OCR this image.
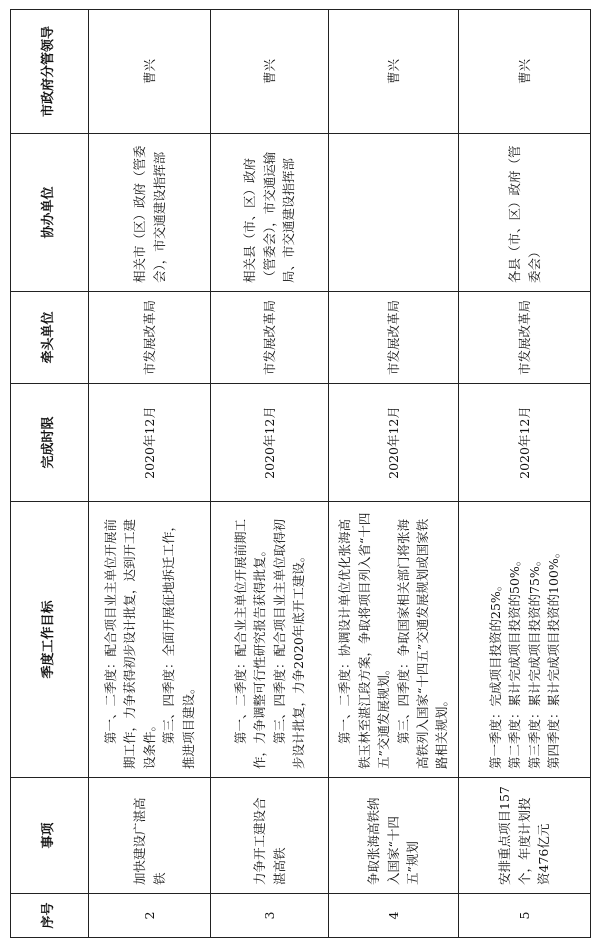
序号	事项	季度工作目标	完成时限	牵头单位	协办单位	市政府分管领导
2	加快建设广湛高铁	第一、二季度：配合项目业主单位开展前期工作，力争获得初步设计批复，达到开工建设条件。 第三、四季度：全面开展征地拆迁工作，推进项目建设。	2020年12月	市发展改革局	相关市（区）政府（管委会），市交通建设指挥部	曹兴
3	力争开工建设合湛高铁	第一、二季度：配合业主单位开展前期工作，力争调整可行性研究报告获得批复。 第三、四季度：配合项目业主单位取得初步设计批复，力争2020年底开工建设。	2020年12月	市发展改革局	相关县（市、区）政府（管委会），市交通运输局、市交通建设指挥部	曹兴
4	争取张海高铁纳入国家“十四五”规划	第一、二季度：协调设计单位优化张海高铁玉林至湛江段方案，争取将项目列入省“十四五”交通发展规划。 第三、四季度：争取国家相关部门将张海高铁列入国家“十四五”交通发展规划或国家铁路相关规划。	2020年12月	市发展改革局		曹兴
5	安排重点项目157个，年度计划投资476亿元	第一季度：完成项目投资的25%。 第二季度：累计完成项目投资的50%。 第三季度：累计完成项目投资的75%。 第四季度：累计完成项目投资的100%。	2020年12月	市发展改革局	各县（市、区）政府（管委会）	曹兴
